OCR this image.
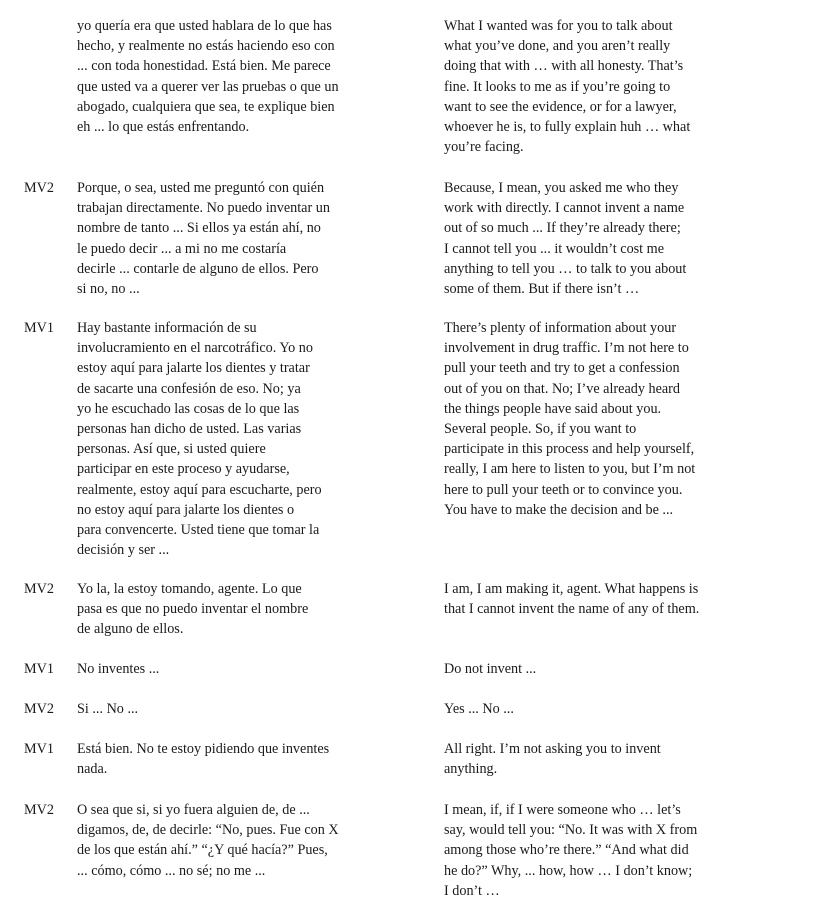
yo quería era que usted hablara de lo que has
hecho, y realmente no estás haciendo eso con
... con toda honestidad. Está bien. Me parece
que usted va a querer ver las pruebas o que un
abogado, cualquiera que sea, te explique bien
eh ... lo que estás enfrentando.
What I wanted was for you to talk about
what you’ve done, and you aren’t really
doing that with … with all honesty. That’s
fine. It looks to me as if you’re going to
want to see the evidence, or for a lawyer,
whoever he is, to fully explain huh … what
you’re facing.
MV2 Porque, o sea, usted me preguntó con quién
trabajan directamente. No puedo inventar un
nombre de tanto ... Si ellos ya están ahí, no
le puedo decir ... a mi no me costaría
decirle ... contarle de alguno de ellos. Pero
si no, no ...
Because, I mean, you asked me who they
work with directly. I cannot invent a name
out of so much ... If they’re already there;
I cannot tell you ... it wouldn’t cost me
anything to tell you … to talk to you about
some of them. But if there isn’t …
MV1 Hay bastante información de su
involucramiento en el narcotráfico. Yo no
estoy aquí para jalarte los dientes y tratar
de sacarte una confesión de eso. No; ya
yo he escuchado las cosas de lo que las
personas han dicho de usted. Las varias
personas. Así que, si usted quiere
participar en este proceso y ayudarse,
realmente, estoy aquí para escucharte, pero
no estoy aquí para jalarte los dientes o
para convencerte. Usted tiene que tomar la
decisión y ser ...
There’s plenty of information about your
involvement in drug traffic. I’m not here to
pull your teeth and try to get a confession
out of you on that. No; I’ve already heard
the things people have said about you.
Several people. So, if you want to
participate in this process and help yourself,
really, I am here to listen to you, but I’m not
here to pull your teeth or to convince you.
You have to make the decision and be ...
MV2 Yo la, la estoy tomando, agente. Lo que
pasa es que no puedo inventar el nombre
de alguno de ellos.
I am, I am making it, agent. What happens is
that I cannot invent the name of any of them.
MV1 No inventes ...	Do not invent ...
MV2 Si ... No ...	Yes ... No ...
MV1 Está bien. No te estoy pidiendo que inventes
nada.
All right. I’m not asking you to invent
anything.
MV2 O sea que si, si yo fuera alguien de, de ...
digamos, de, de decirle: “No, pues. Fue con X
de los que están ahí.” “¿Y qué hacía?” Pues,
... cómo, cómo ... no sé; no me ...
I mean, if, if I were someone who … let’s
say, would tell you: “No. It was with X from
among those who’re there.” “And what did
he do?” Why, ... how, how … I don’t know;
I don’t …
